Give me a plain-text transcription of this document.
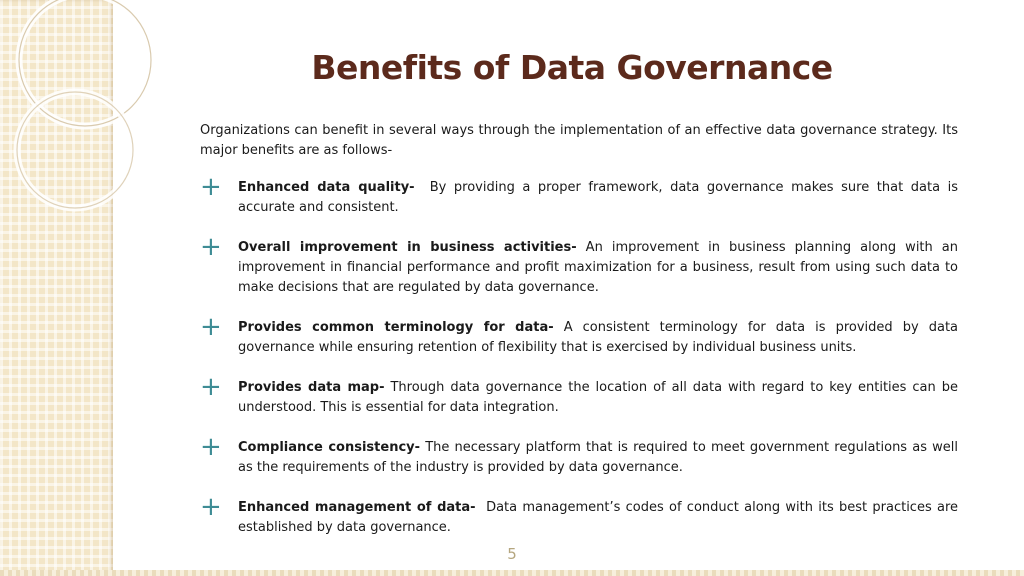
Benefits of Data Governance

Organizations can benefit in several ways through the implementation of an effective data governance strategy. Its major benefits are as follows-

+ Enhanced data quality-  By providing a proper framework, data governance makes sure that data is accurate and consistent.

+ Overall improvement in business activities- An improvement in business planning along with an improvement in financial performance and profit maximization for a business, result from using such data to make decisions that are regulated by data governance.

+ Provides common terminology for data- A consistent terminology for data is provided by data governance while ensuring retention of flexibility that is exercised by individual business units.

+ Provides data map- Through data governance the location of all data with regard to key entities can be understood. This is essential for data integration.

+ Compliance consistency- The necessary platform that is required to meet government regulations as well as the requirements of the industry is provided by data governance.

+ Enhanced management of data-  Data management’s codes of conduct along with its best practices are established by data governance.

5
